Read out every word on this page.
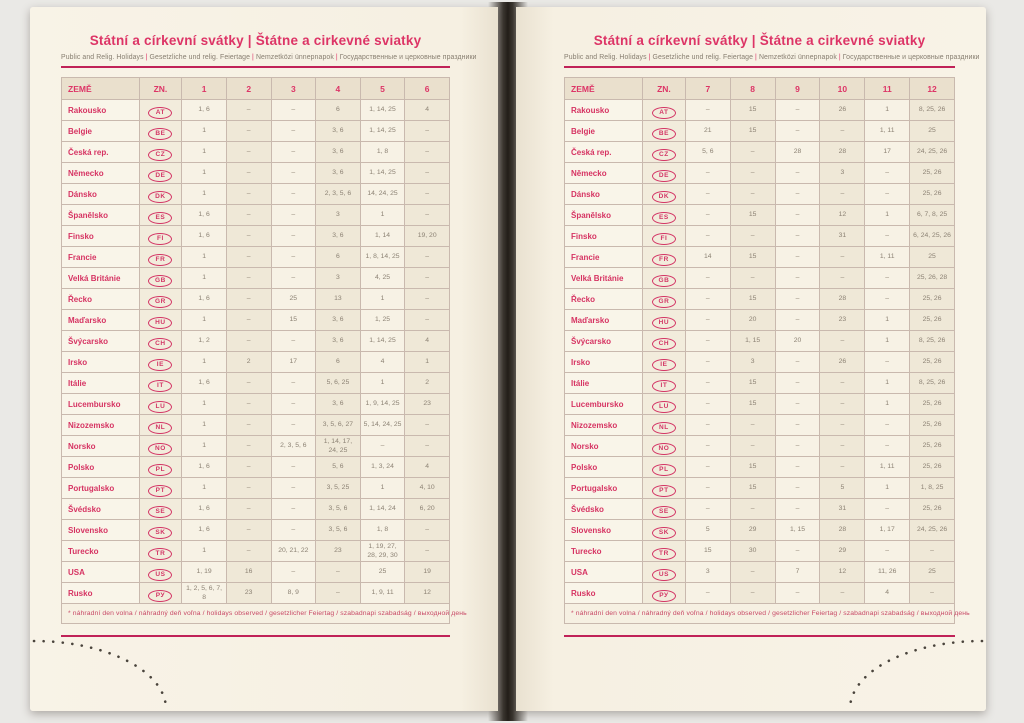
Státní a církevní svátky | Štátne a cirkevné sviatky
Public and Relig. Holidays | Gesetzliche und relig. Feiertage | Nemzetközi ünnepnapok | Государственные и церковные праздники
ZEMĚ	ZN.	1	2	3	4	5	6
Rakousko	AT	1, 6	–	–	6	1, 14, 25	4
Belgie	BE	1	–	–	3, 6	1, 14, 25	–
Česká rep.	CZ	1	–	–	3, 6	1, 8	–
Německo	DE	1	–	–	3, 6	1, 14, 25	–
Dánsko	DK	1	–	–	2, 3, 5, 6	14, 24, 25	–
Španělsko	ES	1, 6	–	–	3	1	–
Finsko	FI	1, 6	–	–	3, 6	1, 14	19, 20
Francie	FR	1	–	–	6	1, 8, 14, 25	–
Velká Británie	GB	1	–	–	3	4, 25	–
Řecko	GR	1, 6	–	25	13	1	–
Maďarsko	HU	1	–	15	3, 6	1, 25	–
Švýcarsko	CH	1, 2	–	–	3, 6	1, 14, 25	4
Irsko	IE	1	2	17	6	4	1
Itálie	IT	1, 6	–	–	5, 6, 25	1	2
Lucembursko	LU	1	–	–	3, 6	1, 9, 14, 25	23
Nizozemsko	NL	1	–	–	3, 5, 6, 27	5, 14, 24, 25	–
Norsko	NO	1	–	2, 3, 5, 6	1, 14, 17, 24, 25	–	–
Polsko	PL	1, 6	–	–	5, 6	1, 3, 24	4
Portugalsko	PT	1	–	–	3, 5, 25	1	4, 10
Švédsko	SE	1, 6	–	–	3, 5, 6	1, 14, 24	6, 20
Slovensko	SK	1, 6	–	–	3, 5, 6	1, 8	–
Turecko	TR	1	–	20, 21, 22	23	1, 19, 27, 28, 29, 30	–
USA	US	1, 19	16	–	–	25	19
Rusko	РУ	1, 2, 5, 6, 7, 8	23	8, 9	–	1, 9, 11	12
* náhradní den volna / náhradný deň voľna / holidays observed / gesetzlicher Feiertag / szabadnapi szabadság / выходной день							
Státní a církevní svátky | Štátne a cirkevné sviatky
Public and Relig. Holidays | Gesetzliche und relig. Feiertage | Nemzetközi ünnepnapok | Государственные и церковные праздники
ZEMĚ	ZN.	7	8	9	10	11	12
Rakousko	AT	–	15	–	26	1	8, 25, 26
Belgie	BE	21	15	–	–	1, 11	25
Česká rep.	CZ	5, 6	–	28	28	17	24, 25, 26
Německo	DE	–	–	–	3	–	25, 26
Dánsko	DK	–	–	–	–	–	25, 26
Španělsko	ES	–	15	–	12	1	6, 7, 8, 25
Finsko	FI	–	–	–	31	–	6, 24, 25, 26
Francie	FR	14	15	–	–	1, 11	25
Velká Británie	GB	–	–	–	–	–	25, 26, 28
Řecko	GR	–	15	–	28	–	25, 26
Maďarsko	HU	–	20	–	23	1	25, 26
Švýcarsko	CH	–	1, 15	20	–	1	8, 25, 26
Irsko	IE	–	3	–	26	–	25, 26
Itálie	IT	–	15	–	–	1	8, 25, 26
Lucembursko	LU	–	15	–	–	1	25, 26
Nizozemsko	NL	–	–	–	–	–	25, 26
Norsko	NO	–	–	–	–	–	25, 26
Polsko	PL	–	15	–	–	1, 11	25, 26
Portugalsko	PT	–	15	–	5	1	1, 8, 25
Švédsko	SE	–	–	–	31	–	25, 26
Slovensko	SK	5	29	1, 15	28	1, 17	24, 25, 26
Turecko	TR	15	30	–	29	–	–
USA	US	3	–	7	12	11, 26	25
Rusko	РУ	–	–	–	–	4	–
* náhradní den volna / náhradný deň voľna / holidays observed / gesetzlicher Feiertag / szabadnapi szabadság / выходной день							
